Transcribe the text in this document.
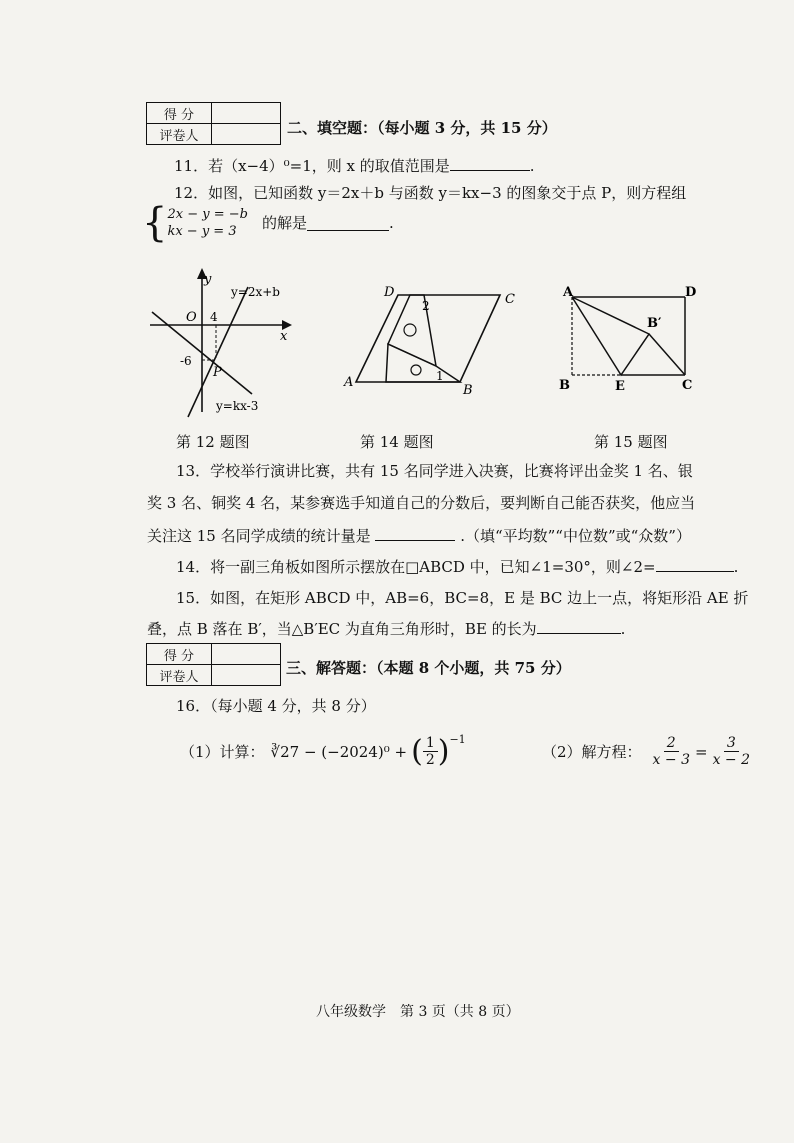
得 分	
评卷人		二、填空题：（每小题 3 分，共 15 分）
11．若（x−4）⁰=1，则 x 的取值范围是	.
12．如图，已知函数 y＝2x＋b 与函数 y＝kx−3 的图象交于点 P，则方程组
{ 2x − y = −b
kx − y = 3	的解是	.
y
x
O 4
-6
P
y=2x+b
y=kx-3
A
B
C
D
2
1
A	D
B	E	C
B′
第 12 题图	第 14 题图	第 15 题图
13．学校举行演讲比赛，共有 15 名同学进入决赛，比赛将评出金奖 1 名、银
奖 3 名、铜奖 4 名，某参赛选手知道自己的分数后，要判断自己能否获奖，他应当
关注这 15 名同学成绩的统计量是	.（填“平均数”“中位数”或“众数”）
14．将一副三角板如图所示摆放在□ABCD 中，已知∠1=30°，则∠2=	.
15．如图，在矩形 ABCD 中，AB=6，BC=8，E 是 BC 边上一点，将矩形沿 AE 折
叠，点 B 落在 B′，当△B′EC 为直角三角形时，BE 的长为	.
得 分	
评卷人		三、解答题：（本题 8 个小题，共 75 分）
16．（每小题 4 分，共 8 分）
（1）计算： ∛27 − (−2024)⁰ + ( $\frac{1}{2}$ ) −1
（2）解方程： $\frac{2}{x - 3} = \frac{3}{x - 2}$
八年级数学　第 3 页（共 8 页）
